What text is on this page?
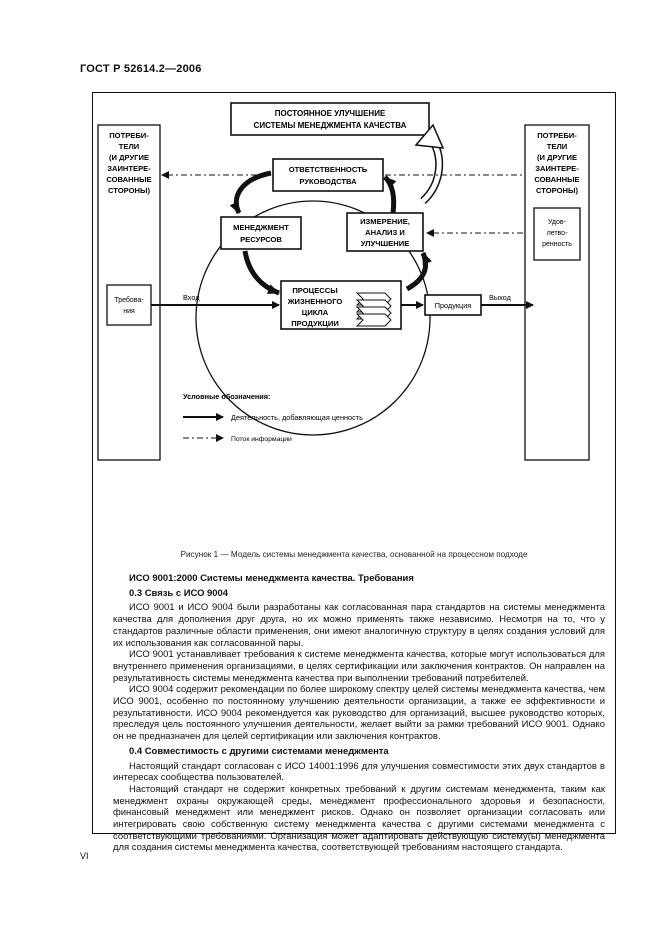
ГОСТ Р 52614.2—2006
ПОСТОЯННОЕ УЛУЧШЕНИЕ
СИСТЕМЫ МЕНЕДЖМЕНТА КАЧЕСТВА
ПОТРЕБИ-
ТЕЛИ
(И ДРУГИЕ
ЗАИНТЕРЕ-
СОВАННЫЕ
СТОРОНЫ)
Требова-
ния
ПОТРЕБИ-
ТЕЛИ
(И ДРУГИЕ
ЗАИНТЕРЕ-
СОВАННЫЕ
СТОРОНЫ)
Удов-
летво-
ренность
ОТВЕТСТВЕННОСТЬ
РУКОВОДСТВА
МЕНЕДЖМЕНТ
РЕСУРСОВ
ИЗМЕРЕНИЕ,
АНАЛИЗ И
УЛУЧШЕНИЕ
ПРОЦЕССЫ
ЖИЗНЕННОГО
ЦИКЛА
ПРОДУКЦИИ
Продукция
Вход	Выход
Условные обозначения:
Деятельность, добавляющая ценность
Поток информации
Рисунок 1 — Модель системы менеджмента качества, основанной на процессном подходе
ИСО 9001:2000 Системы менеджмента качества. Требования
0.3 Связь с ИСО 9004

ИСО 9001 и ИСО 9004 были разработаны как согласованная пара стандартов на системы менеджмента качества для дополнения друг друга, но их можно применять также независимо. Несмотря на то, что у стандартов различные области применения, они имеют аналогичную структуру в целях создания условий для их использования как согласованной пары.

ИСО 9001 устанавливает требования к системе менеджмента качества, которые могут использоваться для внутреннего применения организациями, в целях сертификации или заключения контрактов. Он направлен на результативность системы менеджмента качества при выполнении требований потребителей.

ИСО 9004 содержит рекомендации по более широкому спектру целей системы менеджмента качества, чем ИСО 9001, особенно по постоянному улучшению деятельности организации, а также ее эффективности и результативности. ИСО 9004 рекомендуется как руководство для организаций, высшее руководство которых, преследуя цель постоянного улучшения деятельности, желает выйти за рамки требований ИСО 9001. Однако он не предназначен для целей сертификации или заключения контрактов.

0.4 Совместимость с другими системами менеджмента

Настоящий стандарт согласован с ИСО 14001:1996 для улучшения совместимости этих двух стандартов в интересах сообщества пользователей.

Настоящий стандарт не содержит конкретных требований к другим системам менеджмента, таким как менеджмент охраны окружающей среды, менеджмент профессионального здоровья и безопасности, финансовый менеджмент или менеджмент рисков. Однако он позволяет организации согласовать или интегрировать свою собственную систему менеджмента качества с другими системами менеджмента с соответствующими требованиями. Организация может адаптировать действующую систему(ы) менеджмента для создания системы менеджмента качества, соответствующей требованиям настоящего стандарта.

VI
